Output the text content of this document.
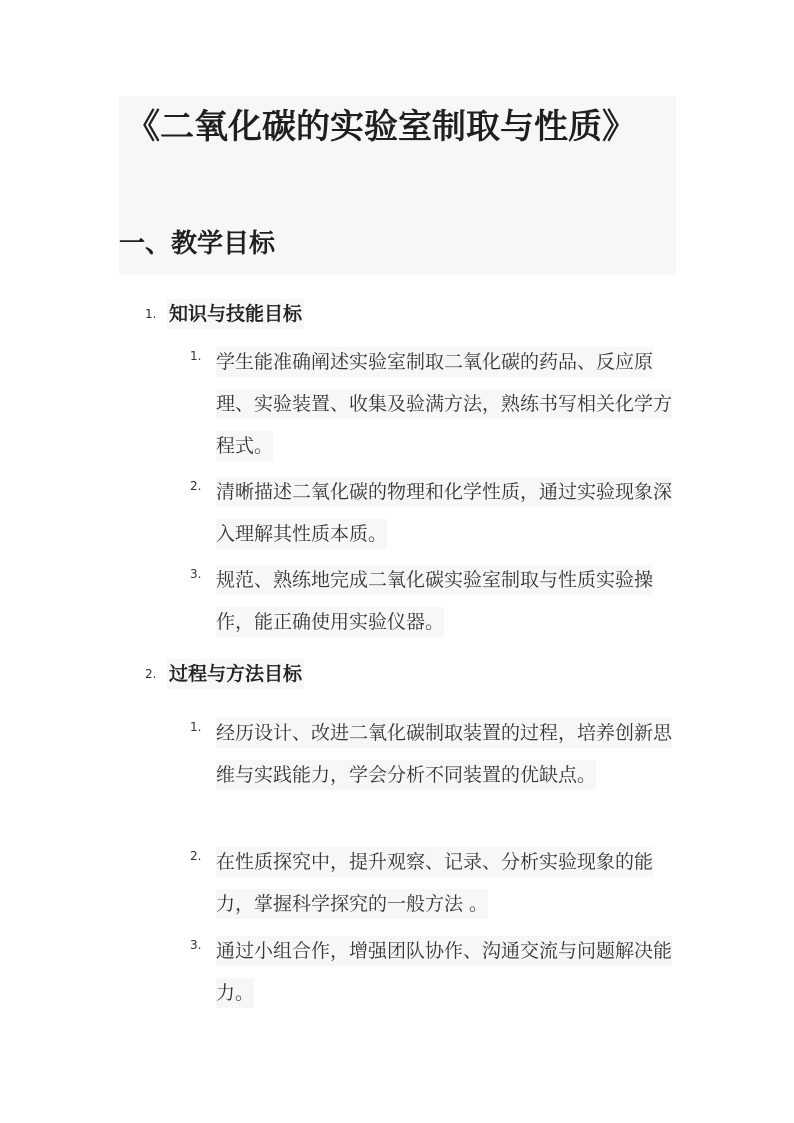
《二氧化碳的实验室制取与性质》
一、教学目标
1. 知识与技能目标
1. 学生能准确阐述实验室制取二氧化碳的药品、反应原理、实验装置、收集及验满方法，熟练书写相关化学方程式。
2. 清晰描述二氧化碳的物理和化学性质，通过实验现象深入理解其性质本质。
3. 规范、熟练地完成二氧化碳实验室制取与性质实验操作，能正确使用实验仪器。
2. 过程与方法目标
1. 经历设计、改进二氧化碳制取装置的过程，培养创新思维与实践能力，学会分析不同装置的优缺点。
2. 在性质探究中，提升观察、记录、分析实验现象的能力，掌握科学探究的一般方法 。
3. 通过小组合作，增强团队协作、沟通交流与问题解决能力。
